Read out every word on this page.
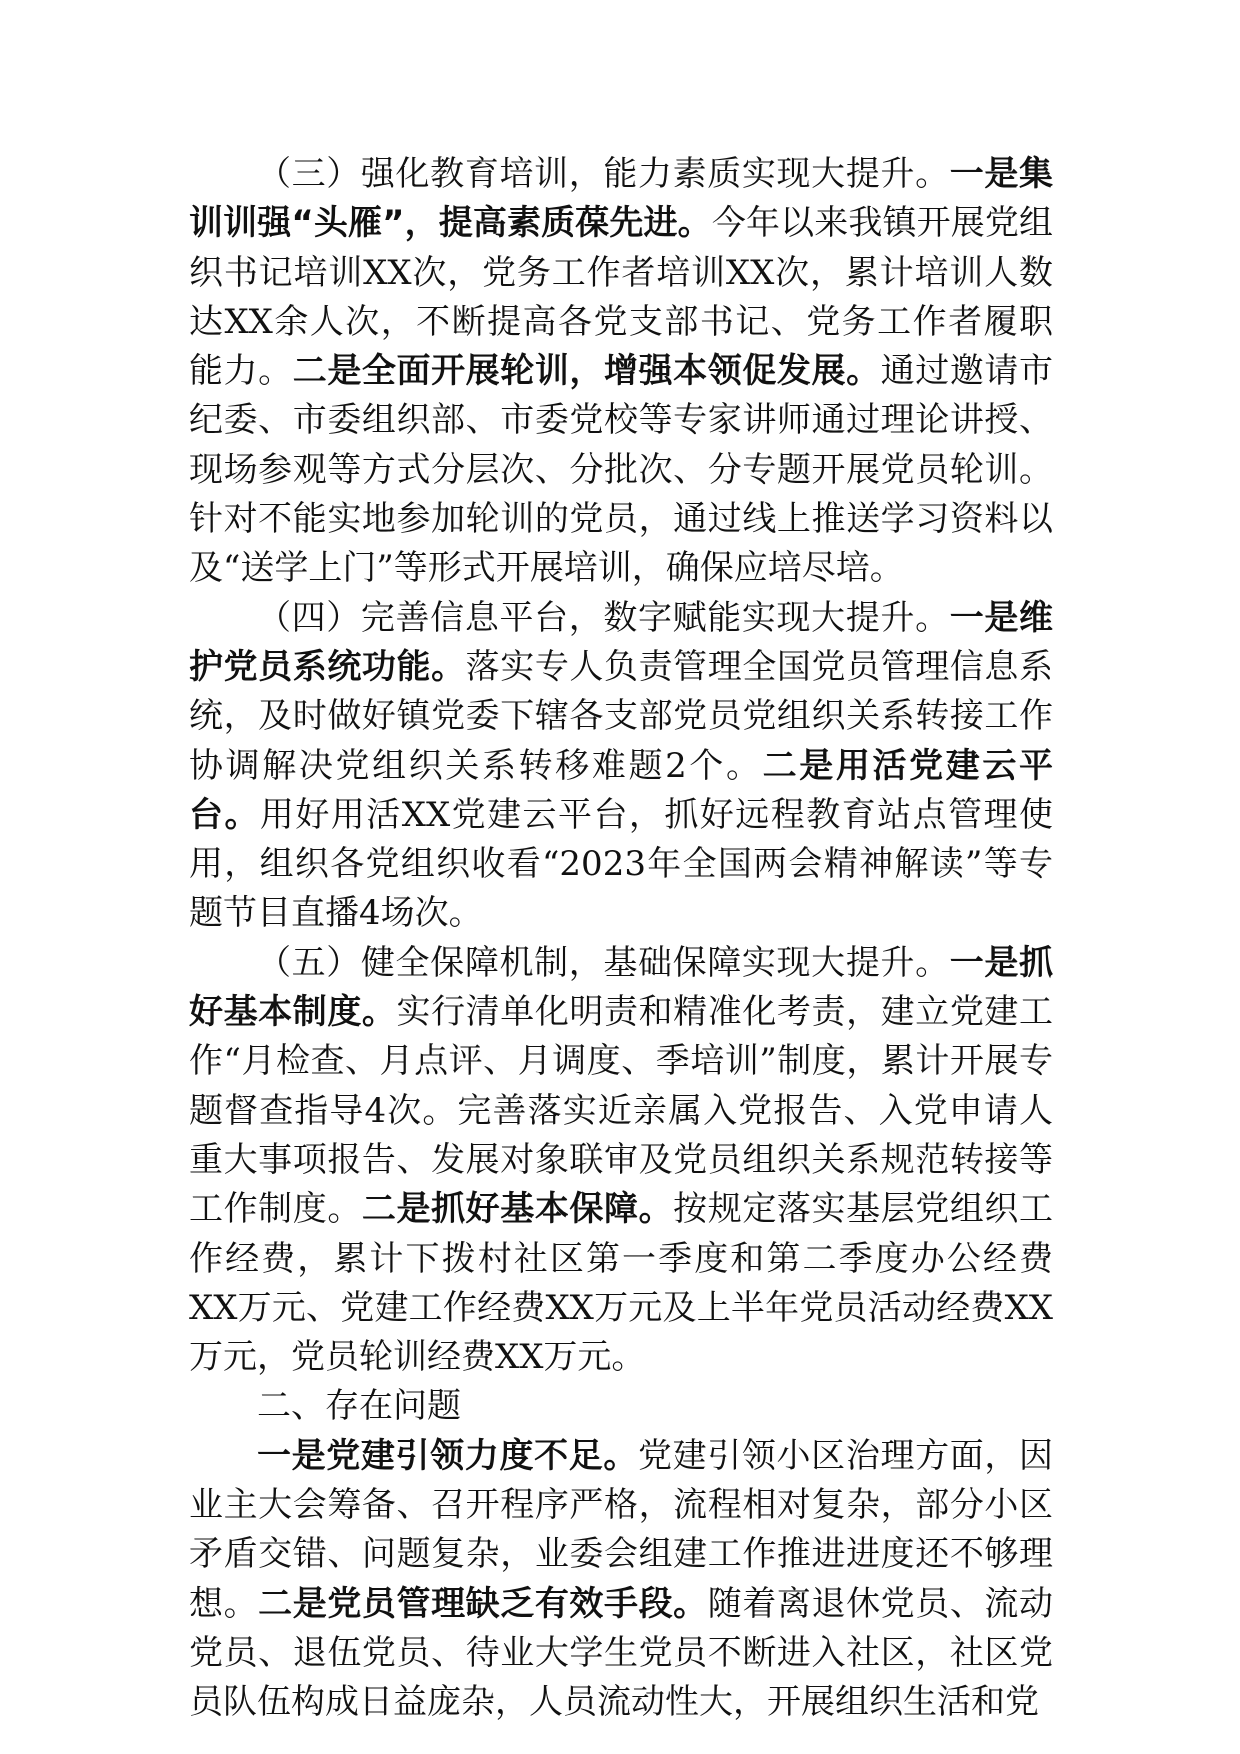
（三）强化教育培训，能力素质实现大提升。一是集训训强“头雁”，提高素质葆先进。今年以来我镇开展党组织书记培训XX次，党务工作者培训XX次，累计培训人数达XX余人次，不断提高各党支部书记、党务工作者履职能力。二是全面开展轮训，增强本领促发展。通过邀请市纪委、市委组织部、市委党校等专家讲师通过理论讲授、现场参观等方式分层次、分批次、分专题开展党员轮训。针对不能实地参加轮训的党员，通过线上推送学习资料以及“送学上门”等形式开展培训，确保应培尽培。

（四）完善信息平台，数字赋能实现大提升。一是维护党员系统功能。落实专人负责管理全国党员管理信息系统，及时做好镇党委下辖各支部党员党组织关系转接工作协调解决党组织关系转移难题2个。二是用活党建云平台。用好用活XX党建云平台，抓好远程教育站点管理使用，组织各党组织收看“2023年全国两会精神解读”等专题节目直播4场次。

（五）健全保障机制，基础保障实现大提升。一是抓好基本制度。实行清单化明责和精准化考责，建立党建工作“月检查、月点评、月调度、季培训”制度，累计开展专题督查指导4次。完善落实近亲属入党报告、入党申请人重大事项报告、发展对象联审及党员组织关系规范转接等工作制度。二是抓好基本保障。按规定落实基层党组织工作经费，累计下拨村社区第一季度和第二季度办公经费XX万元、党建工作经费XX万元及上半年党员活动经费XX万元，党员轮训经费XX万元。

二、存在问题

一是党建引领力度不足。党建引领小区治理方面，因业主大会筹备、召开程序严格，流程相对复杂，部分小区矛盾交错、问题复杂，业委会组建工作推进进度还不够理想。二是党员管理缺乏有效手段。随着离退休党员、流动党员、退伍党员、待业大学生党员不断进入社区，社区党员队伍构成日益庞杂，人员流动性大，开展组织生活和党
